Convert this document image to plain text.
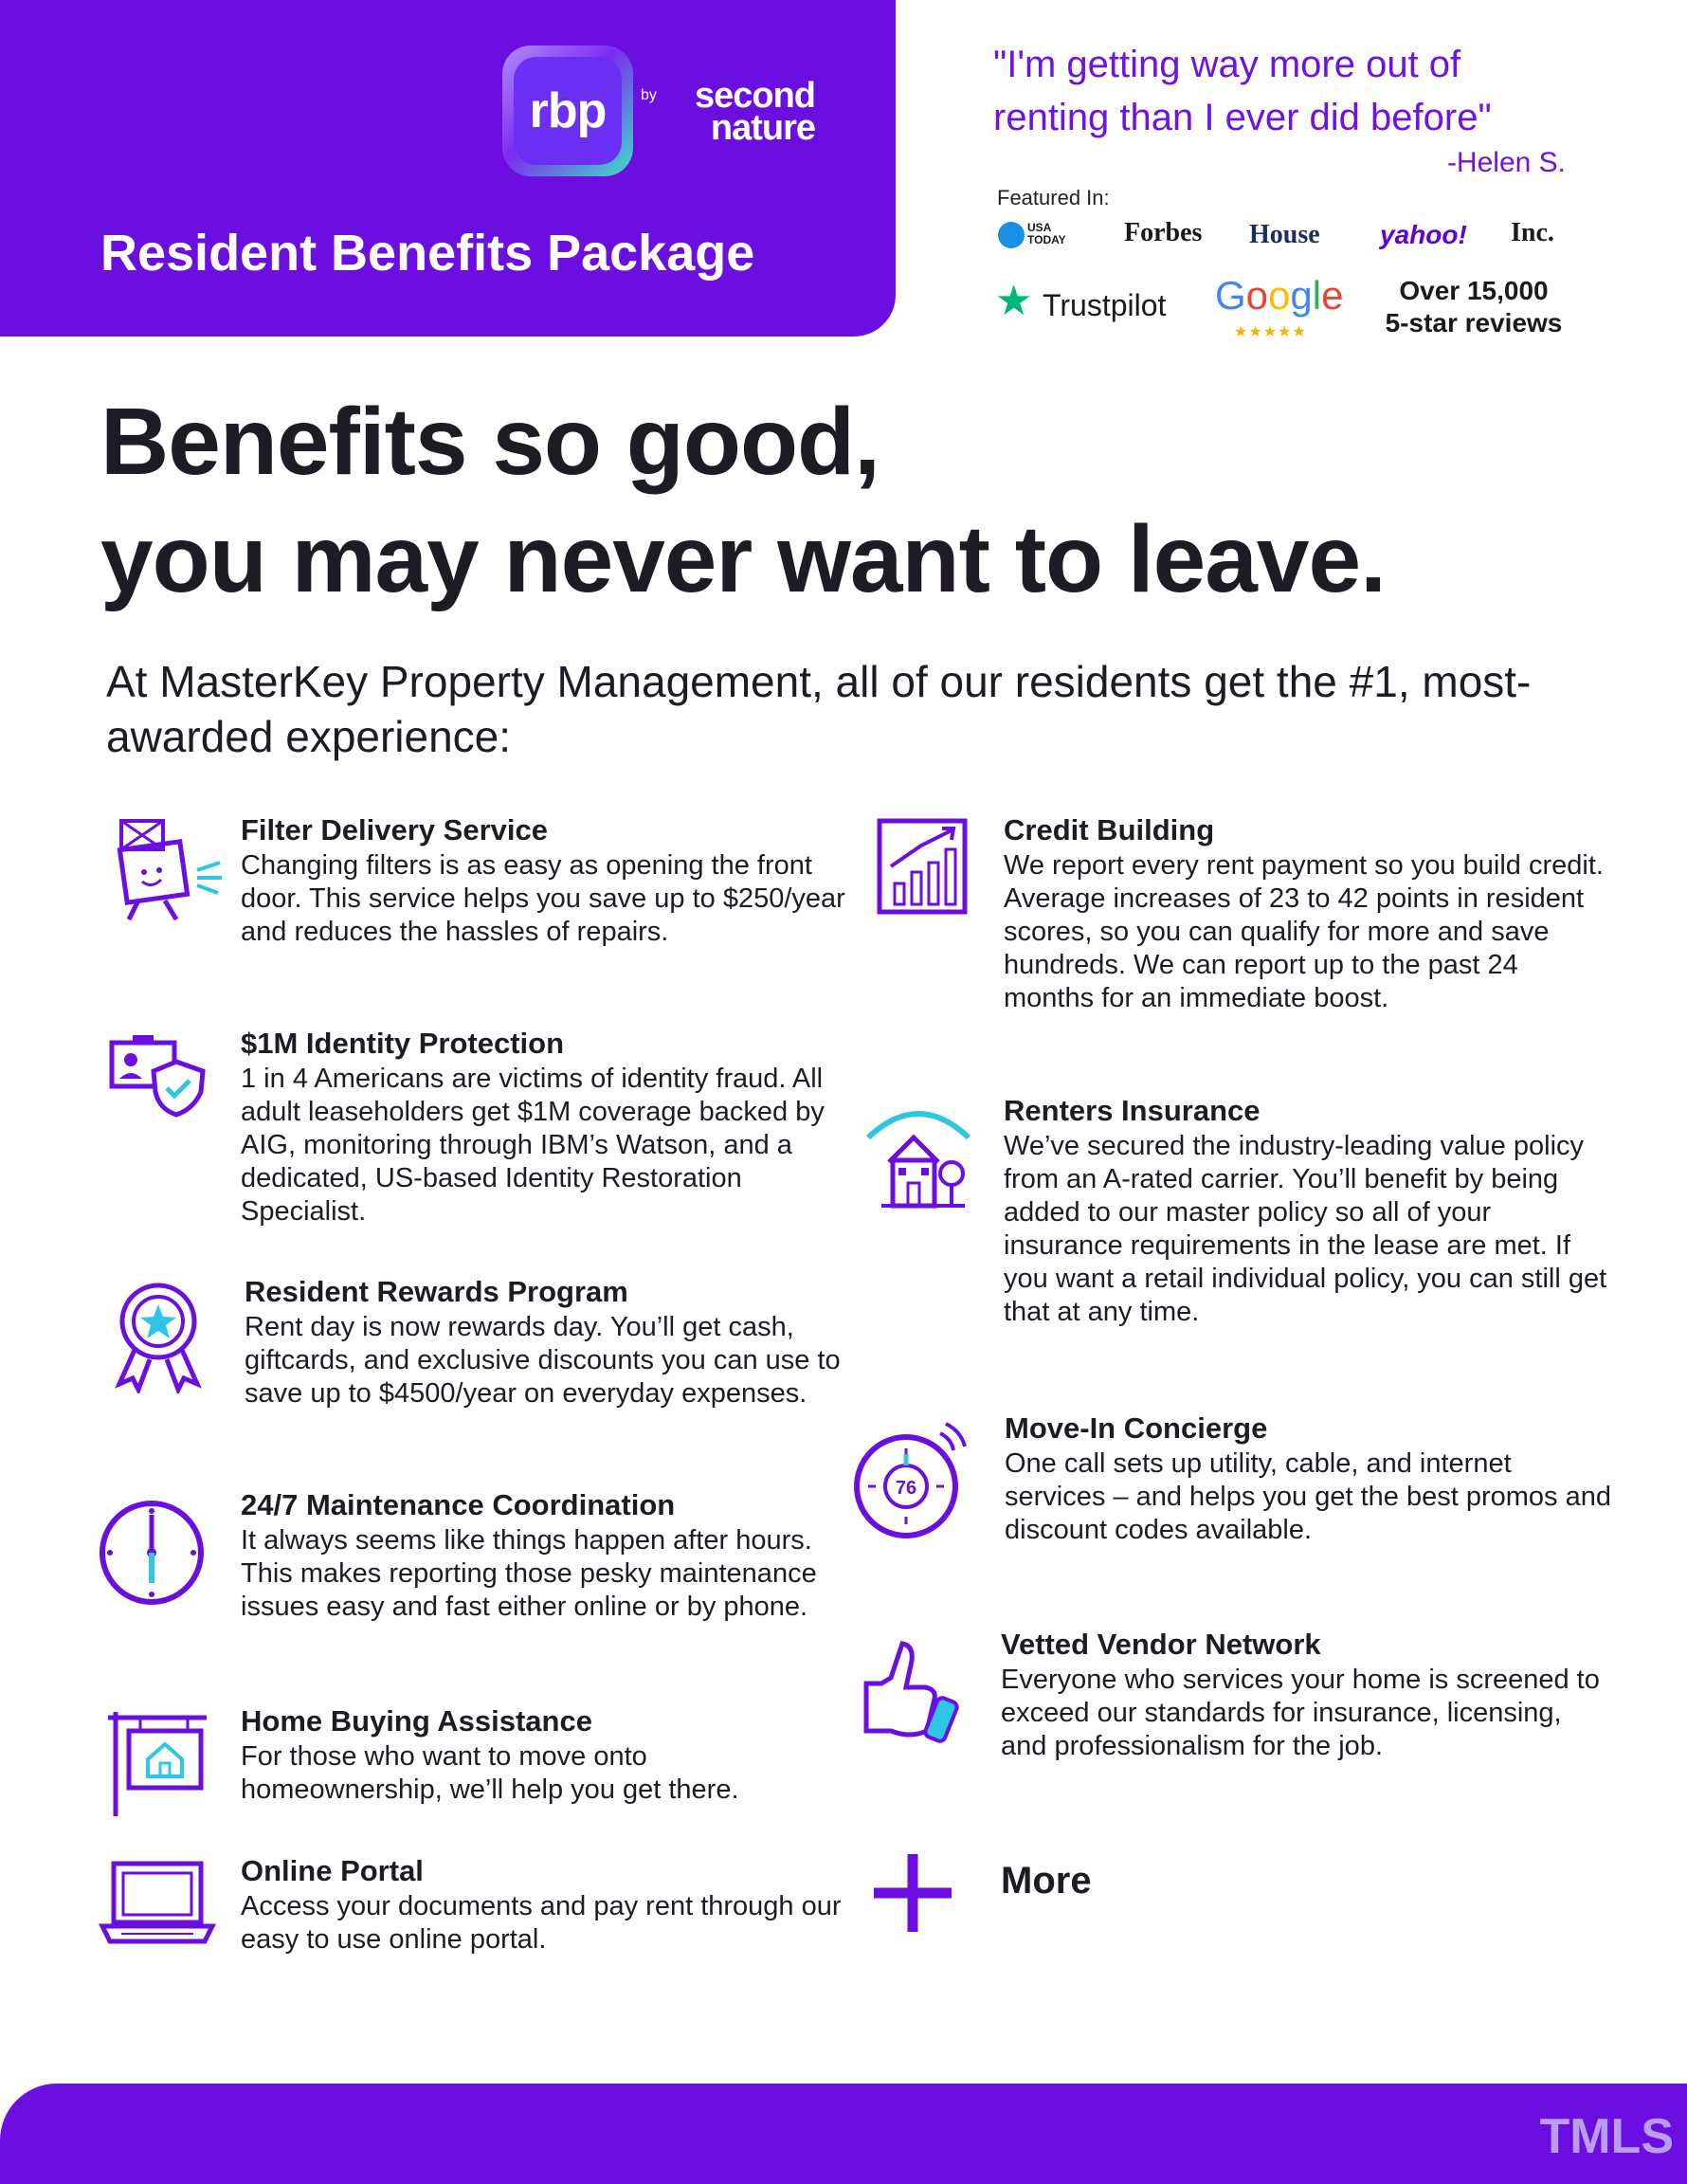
rbp by	second nature
Resident Benefits Package
"I'm getting way more out of renting than I ever did before"
-Helen S.
Featured In:
USA TODAY	Forbes House yahoo! Inc.
★ Trustpilot Google
★★★★★
Over 15,000
5-star reviews
Benefits so good,
you may never want to leave.
At MasterKey Property Management, all of our residents get the #1, most-awarded experience:
Filter Delivery Service
Changing filters is as easy as opening the front door. This service helps you save up to $250/year and reduces the hassles of repairs.
$1M Identity Protection
1 in 4 Americans are victims of identity fraud. All adult leaseholders get $1M coverage backed by AIG, monitoring through IBM’s Watson, and a dedicated, US-based Identity Restoration Specialist.
Resident Rewards Program
Rent day is now rewards day. You’ll get cash, giftcards, and exclusive discounts you can use to save up to $4500/year on everyday expenses.
24/7 Maintenance Coordination
It always seems like things happen after hours. This makes reporting those pesky maintenance issues easy and fast either online or by phone.
Home Buying Assistance
For those who want to move onto homeownership, we’ll help you get there.
Online Portal
Access your documents and pay rent through our easy to use online portal.
Credit Building
We report every rent payment so you build credit. Average increases of 23 to 42 points in resident scores, so you can qualify for more and save hundreds. We can report up to the past 24 months for an immediate boost.
Renters Insurance
We’ve secured the industry-leading value policy from an A-rated carrier. You’ll benefit by being added to our master policy so all of your insurance requirements in the lease are met. If you want a retail individual policy, you can still get that at any time.
76
Move-In Concierge
One call sets up utility, cable, and internet services – and helps you get the best promos and discount codes available.
Vetted Vendor Network
Everyone who services your home is screened to exceed our standards for insurance, licensing, and professionalism for the job.
More
TMLS
